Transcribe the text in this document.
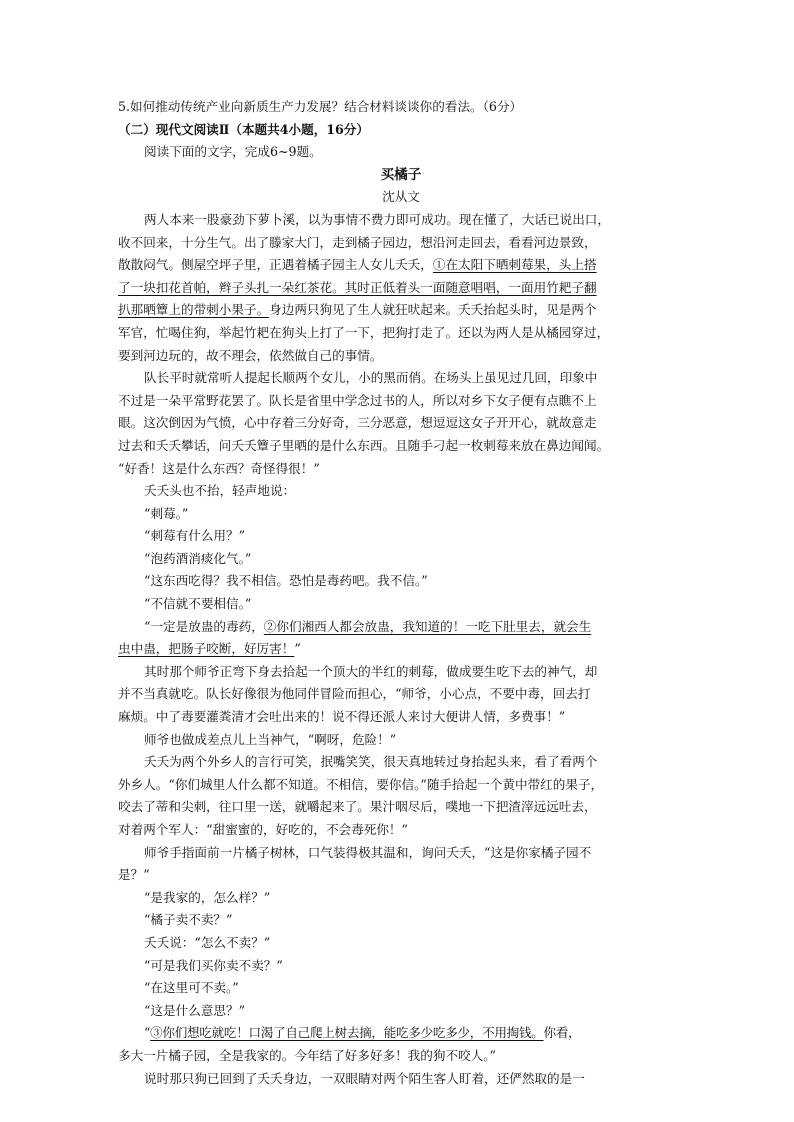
5.如何推动传统产业向新质生产力发展？结合材料谈谈你的看法。（6分）
（二）现代文阅读Ⅱ（本题共4小题，16分）
阅读下面的文字，完成6~9题。
买橘子
沈从文
两人本来一股豪劲下萝卜溪，以为事情不费力即可成功。现在懂了，大话已说出口，
收不回来，十分生气。出了滕家大门，走到橘子园边，想沿河走回去，看看河边景致，
散散闷气。侧屋空坪子里，正遇着橘子园主人女儿夭夭，①在太阳下晒刺莓果，头上搭
了一块扣花首帕，辫子头扎一朵红茶花。其时正低着头一面随意唱唱，一面用竹耙子翻
扒那晒簟上的带刺小果子。身边两只狗见了生人就狂吠起来。夭夭抬起头时，见是两个
军官，忙喝住狗，举起竹耙在狗头上打了一下，把狗打走了。还以为两人是从橘园穿过，
要到河边玩的，故不理会，依然做自己的事情。
队长平时就常听人提起长顺两个女儿，小的黑而俏。在场头上虽见过几回，印象中
不过是一朵平常野花罢了。队长是省里中学念过书的人，所以对乡下女子便有点瞧不上
眼。这次倒因为气愤，心中存着三分好奇，三分恶意，想逗逗这女子开开心，就故意走
过去和夭夭攀话，问夭夭簟子里晒的是什么东西。且随手刁起一枚刺莓来放在鼻边闻闻。
“好香！这是什么东西？奇怪得很！”
夭夭头也不抬，轻声地说：
“刺莓。”
“刺莓有什么用？”
“泡药酒消痰化气。”
“这东西吃得？我不相信。恐怕是毒药吧。我不信。”
“不信就不要相信。”
“一定是放蛊的毒药，②你们湘西人都会放蛊，我知道的！一吃下肚里去，就会生
虫中蛊，把肠子咬断，好厉害！”
其时那个师爷正弯下身去拾起一个顶大的半红的刺莓，做成要生吃下去的神气，却
并不当真就吃。队长好像很为他同伴冒险而担心，“师爷，小心点，不要中毒，回去打
麻烦。中了毒要灌粪清才会吐出来的！说不得还派人来讨大便讲人情，多费事！”
师爷也做成差点儿上当神气，“啊呀，危险！”
夭夭为两个外乡人的言行可笑，抿嘴笑笑，很天真地转过身抬起头来，看了看两个
外乡人。“你们城里人什么都不知道。不相信，要你信。”随手拾起一个黄中带红的果子，
咬去了蒂和尖刺，往口里一送，就嚼起来了。果汁咽尽后，噗地一下把渣滓远远吐去，
对着两个军人：“甜蜜蜜的，好吃的，不会毒死你！”
师爷手指面前一片橘子树林，口气装得极其温和，询问夭夭，“这是你家橘子园不
是？”
“是我家的，怎么样？”
“橘子卖不卖？”
夭夭说：“怎么不卖？”
“可是我们买你卖不卖？”
“在这里可不卖。”
“这是什么意思？”
“③你们想吃就吃！口渴了自己爬上树去摘，能吃多少吃多少，不用掏钱。你看，
多大一片橘子园，全是我家的。今年结了好多好多！我的狗不咬人。”
说时那只狗已回到了夭夭身边，一双眼睛对两个陌生客人盯着，还俨然取的是一
